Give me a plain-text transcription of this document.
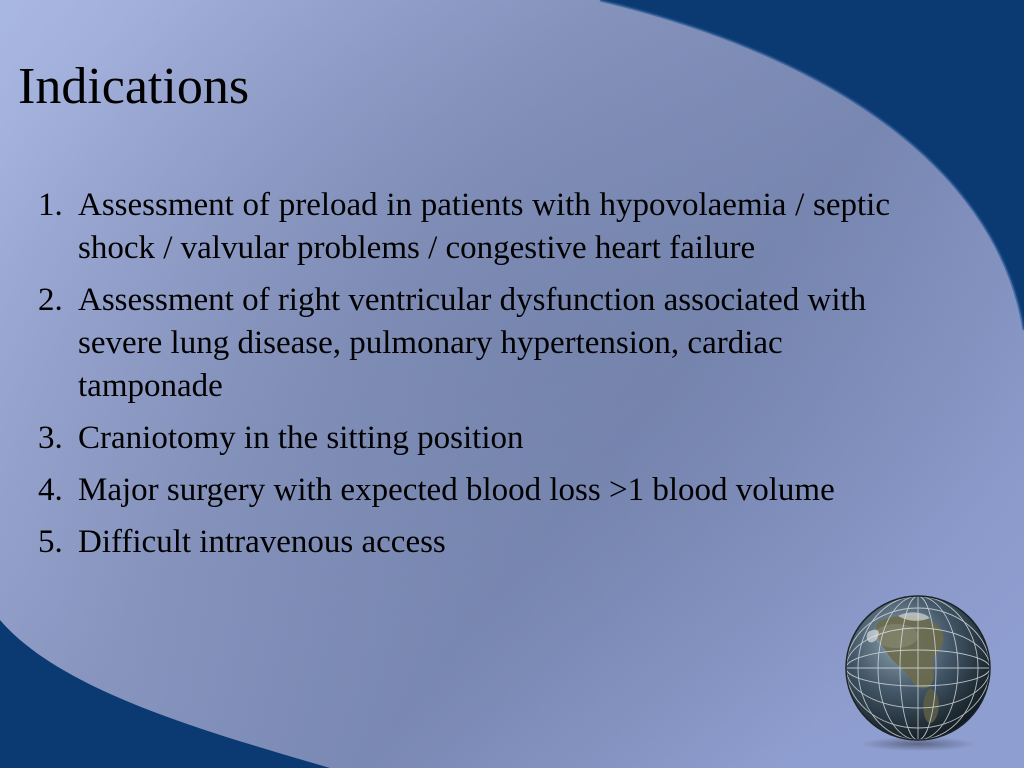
Indications
1. Assessment of preload in patients with hypovolaemia / septic shock / valvular problems / congestive heart failure
2. Assessment of right ventricular dysfunction associated with severe lung disease, pulmonary hypertension, cardiac tamponade
3. Craniotomy in the sitting position
4. Major surgery with expected blood loss >1 blood volume
5. Difficult intravenous access
